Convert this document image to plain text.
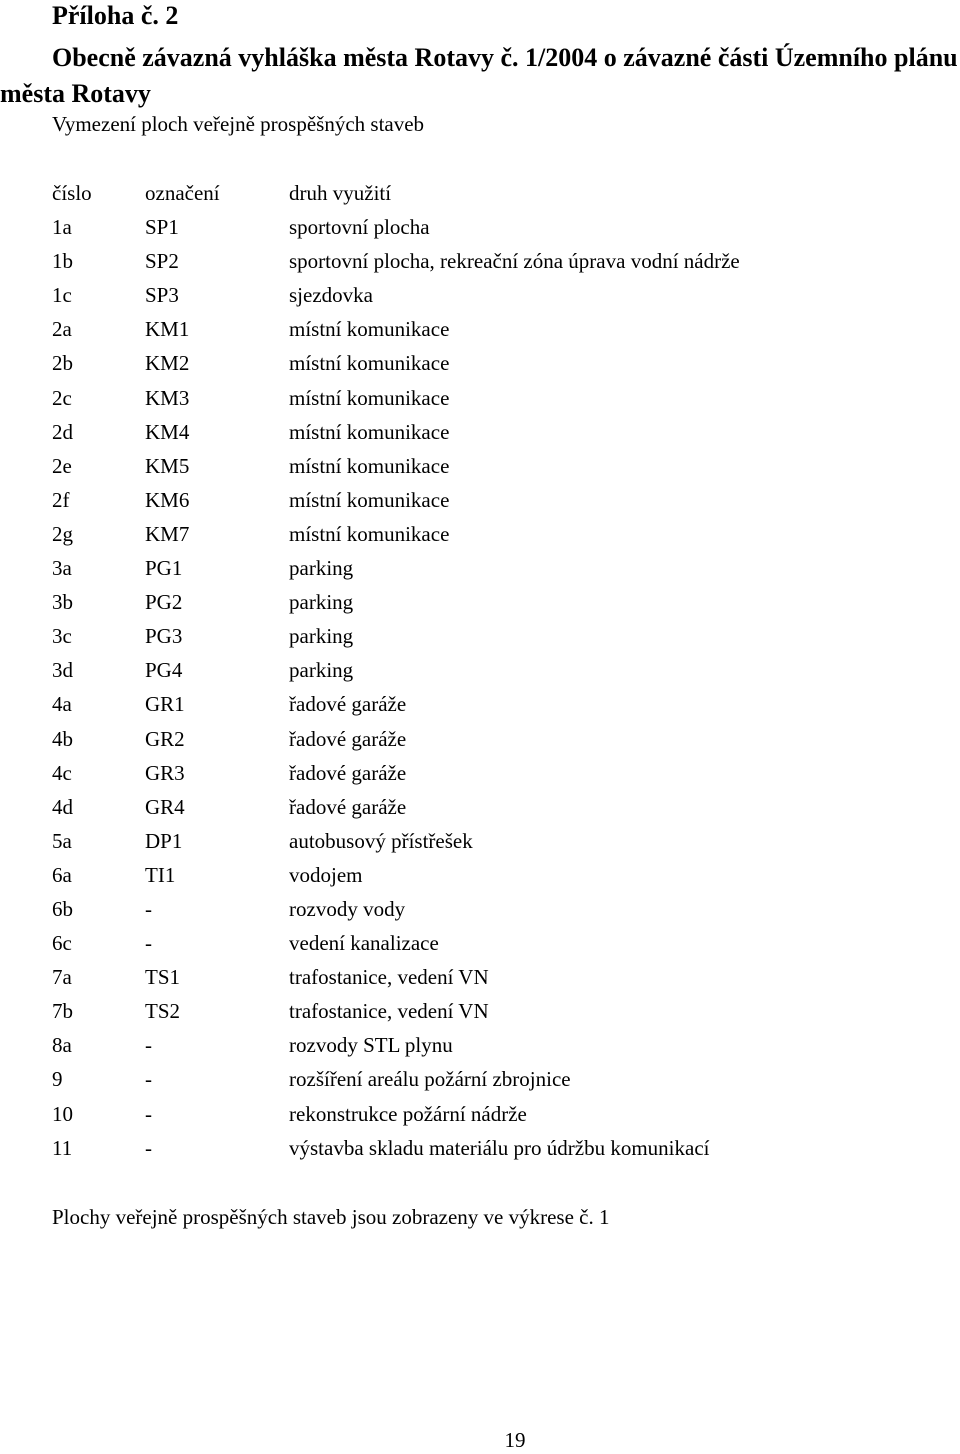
Příloha č. 2

Obecně závazná vyhláška města Rotavy č. 1/2004 o závazné části Územního plánu města Rotavy

Vymezení ploch veřejně prospěšných staveb
číslo	označení	druh využití
1a	SP1	sportovní plocha
1b	SP2	sportovní plocha, rekreační zóna úprava vodní nádrže
1c	SP3	sjezdovka
2a	KM1	místní komunikace
2b	KM2	místní komunikace
2c	KM3	místní komunikace
2d	KM4	místní komunikace
2e	KM5	místní komunikace
2f	KM6	místní komunikace
2g	KM7	místní komunikace
3a	PG1	parking
3b	PG2	parking
3c	PG3	parking
3d	PG4	parking
4a	GR1	řadové garáže
4b	GR2	řadové garáže
4c	GR3	řadové garáže
4d	GR4	řadové garáže
5a	DP1	autobusový přístřešek
6a	TI1	vodojem
6b	-	rozvody vody
6c	-	vedení kanalizace
7a	TS1	trafostanice, vedení VN
7b	TS2	trafostanice, vedení VN
8a	-	rozvody STL plynu
9	-	rozšíření areálu požární zbrojnice
10	-	rekonstrukce požární nádrže
11	-	výstavba skladu materiálu pro údržbu komunikací
Plochy veřejně prospěšných staveb jsou zobrazeny ve výkrese č. 1
19
